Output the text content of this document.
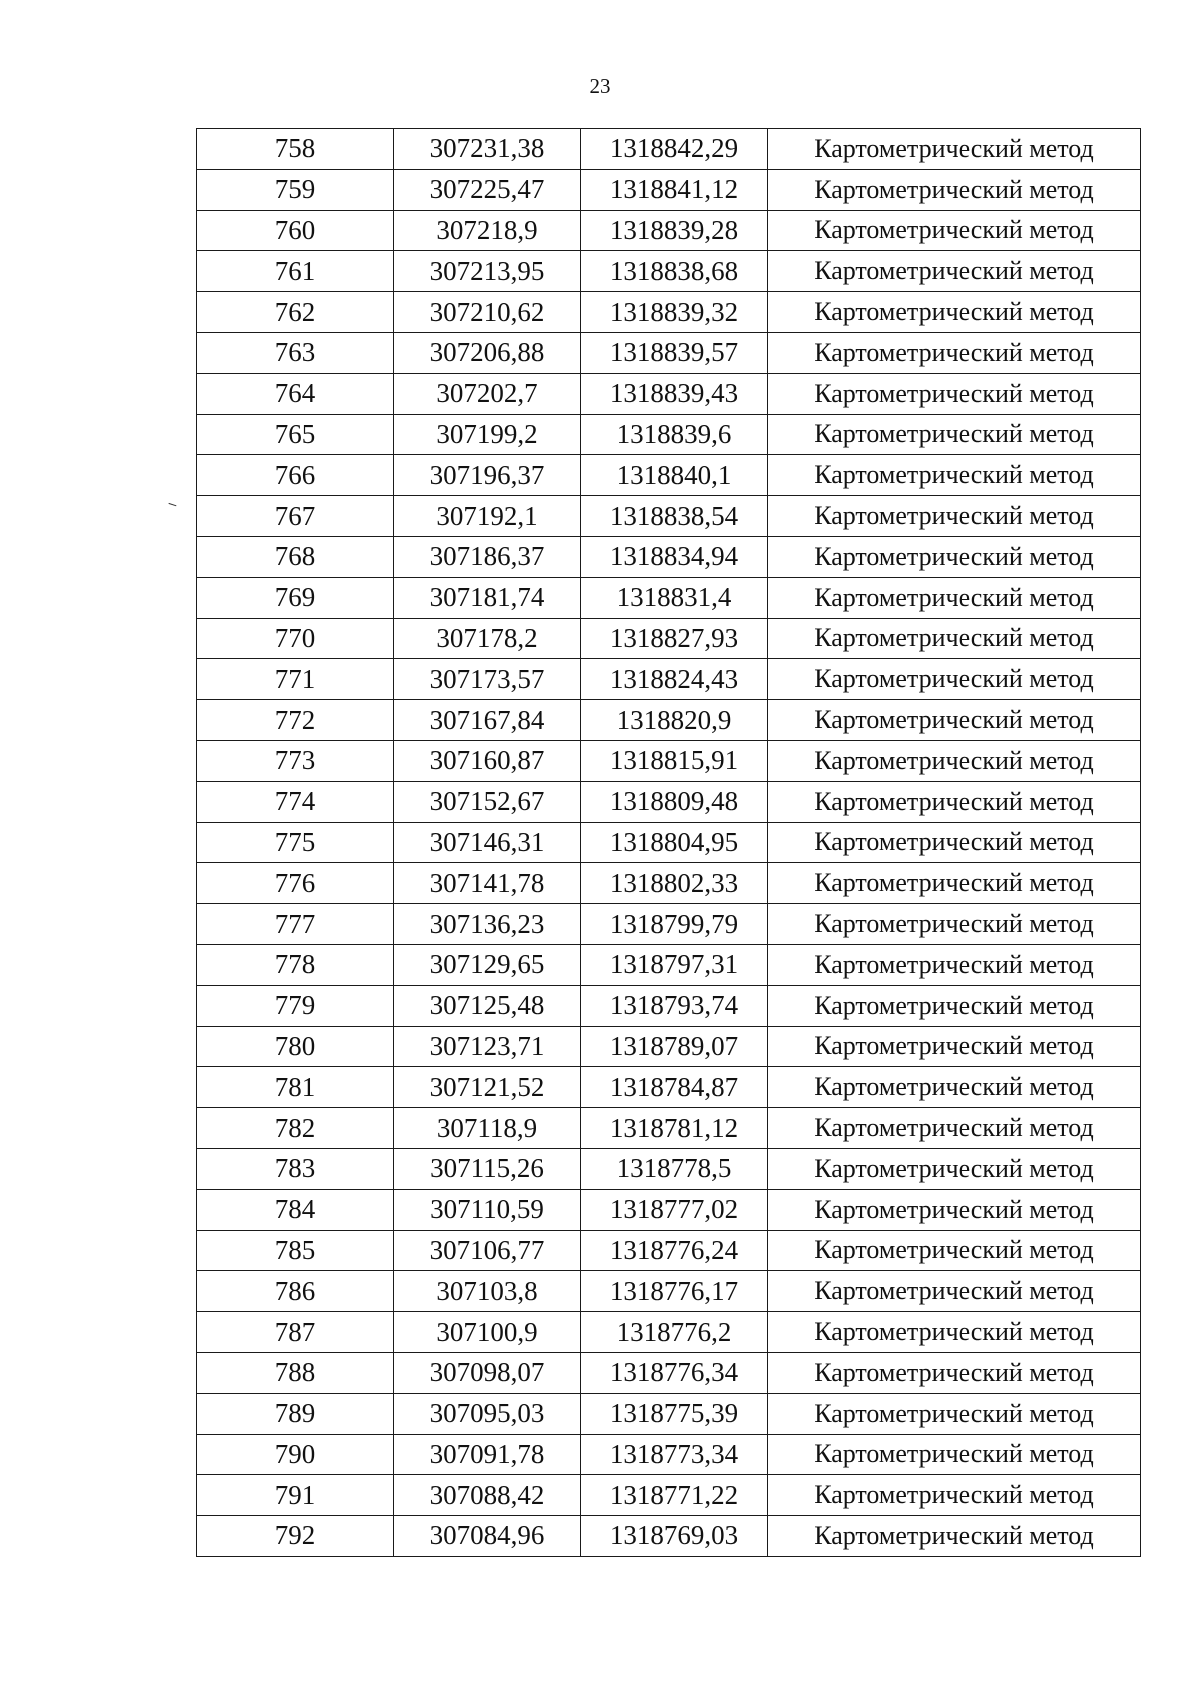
23
758	307231,38	1318842,29	Картометрический метод
759	307225,47	1318841,12	Картометрический метод
760	307218,9	1318839,28	Картометрический метод
761	307213,95	1318838,68	Картометрический метод
762	307210,62	1318839,32	Картометрический метод
763	307206,88	1318839,57	Картометрический метод
764	307202,7	1318839,43	Картометрический метод
765	307199,2	1318839,6	Картометрический метод
766	307196,37	1318840,1	Картометрический метод
767	307192,1	1318838,54	Картометрический метод
768	307186,37	1318834,94	Картометрический метод
769	307181,74	1318831,4	Картометрический метод
770	307178,2	1318827,93	Картометрический метод
771	307173,57	1318824,43	Картометрический метод
772	307167,84	1318820,9	Картометрический метод
773	307160,87	1318815,91	Картометрический метод
774	307152,67	1318809,48	Картометрический метод
775	307146,31	1318804,95	Картометрический метод
776	307141,78	1318802,33	Картометрический метод
777	307136,23	1318799,79	Картометрический метод
778	307129,65	1318797,31	Картометрический метод
779	307125,48	1318793,74	Картометрический метод
780	307123,71	1318789,07	Картометрический метод
781	307121,52	1318784,87	Картометрический метод
782	307118,9	1318781,12	Картометрический метод
783	307115,26	1318778,5	Картометрический метод
784	307110,59	1318777,02	Картометрический метод
785	307106,77	1318776,24	Картометрический метод
786	307103,8	1318776,17	Картометрический метод
787	307100,9	1318776,2	Картометрический метод
788	307098,07	1318776,34	Картометрический метод
789	307095,03	1318775,39	Картометрический метод
790	307091,78	1318773,34	Картометрический метод
791	307088,42	1318771,22	Картометрический метод
792	307084,96	1318769,03	Картометрический метод
